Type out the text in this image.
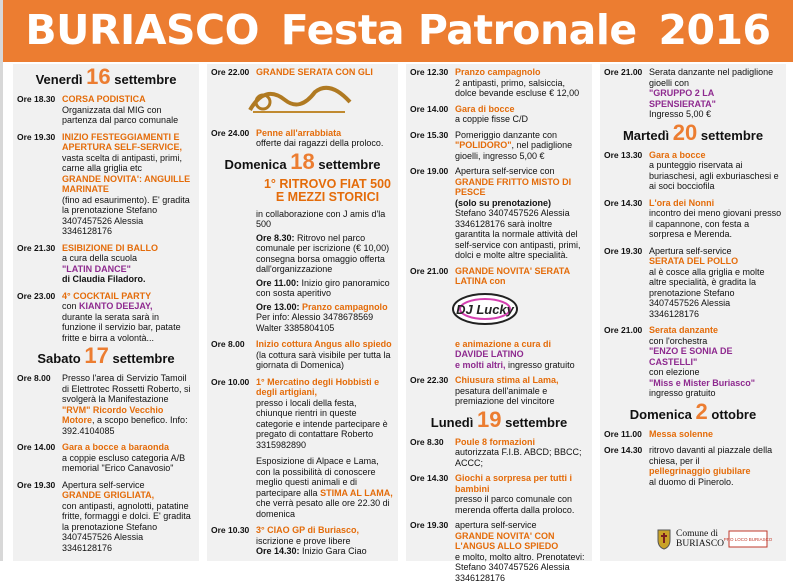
BURIASCO Festa Patronale 2016
Venerdì 16 settembre
Ore 18.30 CORSA PODISTICA
Organizzata dal MIG con partenza dal parco comunale
Ore 19.30 INIZIO FESTEGGIAMENTI E APERTURA SELF-SERVICE,
vasta scelta di antipasti, primi, carne alla griglia etc
GRANDE NOVITA': ANGUILLE MARINATE
(fino ad esaurimento). E' gradita la prenotazione Stefano 3407457526 Alessia 3346128176
Ore 21.30 ESIBIZIONE DI BALLO
a cura della scuola
"LATIN DANCE"
di Claudia Filadoro.
Ore 23.00 4° COCKTAIL PARTY
con KIANTO DEEJAY,
durante la serata sarà in funzione il servizio bar, patate fritte e birra a volontà...
Sabato 17 settembre
Ore 8.00	Presso l'area di Servizio Tamoil di Elettrotec Rossetti Roberto, si svolgerà la Manifestazione "RVM" Ricordo Vecchio Motore, a scopo benefico. Info: 392.4104085
Ore 14.00 Gara a bocce a baraonda
a coppie escluso categoria A/B memorial "Erico Canavosio"
Ore 19.30 Apertura self-service
GRANDE GRIGLIATA,
con antipasti, agnolotti, patatine fritte, formaggi e dolci. E' gradita la prenotazione Stefano 3407457526 Alessia 3346128176
Ore 22.00 GRANDE SERATA CON GLI
Ore 24.00 Penne all'arrabbiata
offerte dai ragazzi della proloco.
Domenica 18 settembre
1° RITROVO FIAT 500 E MEZZI STORICI
in collaborazione con J amis d'la 500
Ore 8.30: Ritrovo nel parco comunale per iscrizione (€ 10,00) consegna borsa omaggio offerta dall'organizzazione
Ore 11.00: Inizio giro panoramico con sosta aperitivo
Ore 13.00: Pranzo campagnolo
Per info: Alessio 3478678569 Walter 3385804105
Ore 8.00	Inizio cottura Angus allo spiedo
(la cottura sarà visibile per tutta la giornata di Domenica)
Ore 10.00 1° Mercatino degli Hobbisti e degli artigiani,
presso i locali della festa, chiunque rientri in queste categorie e intende partecipare è pregato di contattare Roberto 3315982890
Esposizione di Alpace e Lama, con la possibilità di conoscere meglio questi animali e di partecipare alla STIMA AL LAMA, che verrà pesato alle ore 22.30 di domenica
Ore 10.30 3° CIAO GP di Buriasco,
iscrizione e prove libere
Ore 14.30: Inizio Gara Ciao
Ore 12.30 Pranzo campagnolo
2 antipasti, primo, salsiccia, dolce bevande escluse € 12,00
Ore 14.00 Gara di bocce
a coppie fisse C/D
Ore 15.30 Pomeriggio danzante con "POLIDORO", nel padiglione gioelli, ingresso 5,00 €
Ore 19.00 Apertura self-service con
GRANDE FRITTO MISTO DI PESCE
(solo su prenotazione)
Stefano 3407457526 Alessia 3346128176 sarà inoltre garantita la normale attività del self-service con antipasti, primi, dolci e molte altre specialità.
Ore 21.00 GRANDE NOVITA' SERATA LATINA con
DJ Lucky
e animazione a cura di
DAVIDE LATINO
e molti altri, ingresso gratuito
Ore 22.30 Chiusura stima al Lama,
pesatura dell'animale e premiazione del vincitore
Lunedì 19 settembre
Ore 8.30	Poule 8 formazioni
autorizzata F.I.B. ABCD; BBCC; ACCC;
Ore 14.30 Giochi a sorpresa per tutti i bambini
presso il parco comunale con merenda offerta dalla proloco.
Ore 19.30 apertura self-service
GRANDE NOVITA' CON L'ANGUS ALLO SPIEDO
e molto, molto altro. Prenotatevi: Stefano 3407457526 Alessia 3346128176
Ore 21.00 Serata danzante nel padiglione gioelli con
"GRUPPO 2 LA SPENSIERATA"
Ingresso 5,00 €
Martedì 20 settembre
Ore 13.30 Gara a bocce
a punteggio riservata ai buriaschesi, agli exburiaschesi e ai soci bocciofila
Ore 14.30 L'ora dei Nonni
incontro dei meno giovani presso il capannone, con festa a sorpresa e Merenda.
Ore 19.30 Apertura self-service
SERATA DEL POLLO
al è cosce alla griglia e molte altre specialità, è gradita la prenotazione Stefano 3407457526 Alessia 3346128176
Ore 21.00 Serata danzante
con l'orchestra
"ENZO E SONIA DE CASTELLI"
con elezione
"Miss e Mister Buriasco"
ingresso gratuito
Domenica 2 ottobre
Ore 11.00 Messa solenne
Ore 14.30 ritrovo davanti al piazzale della chiesa, per il
pellegrinaggio giubilare
al duomo di Pinerolo.
Comune di
BURIASCO PRO LOCO BURIASCO
